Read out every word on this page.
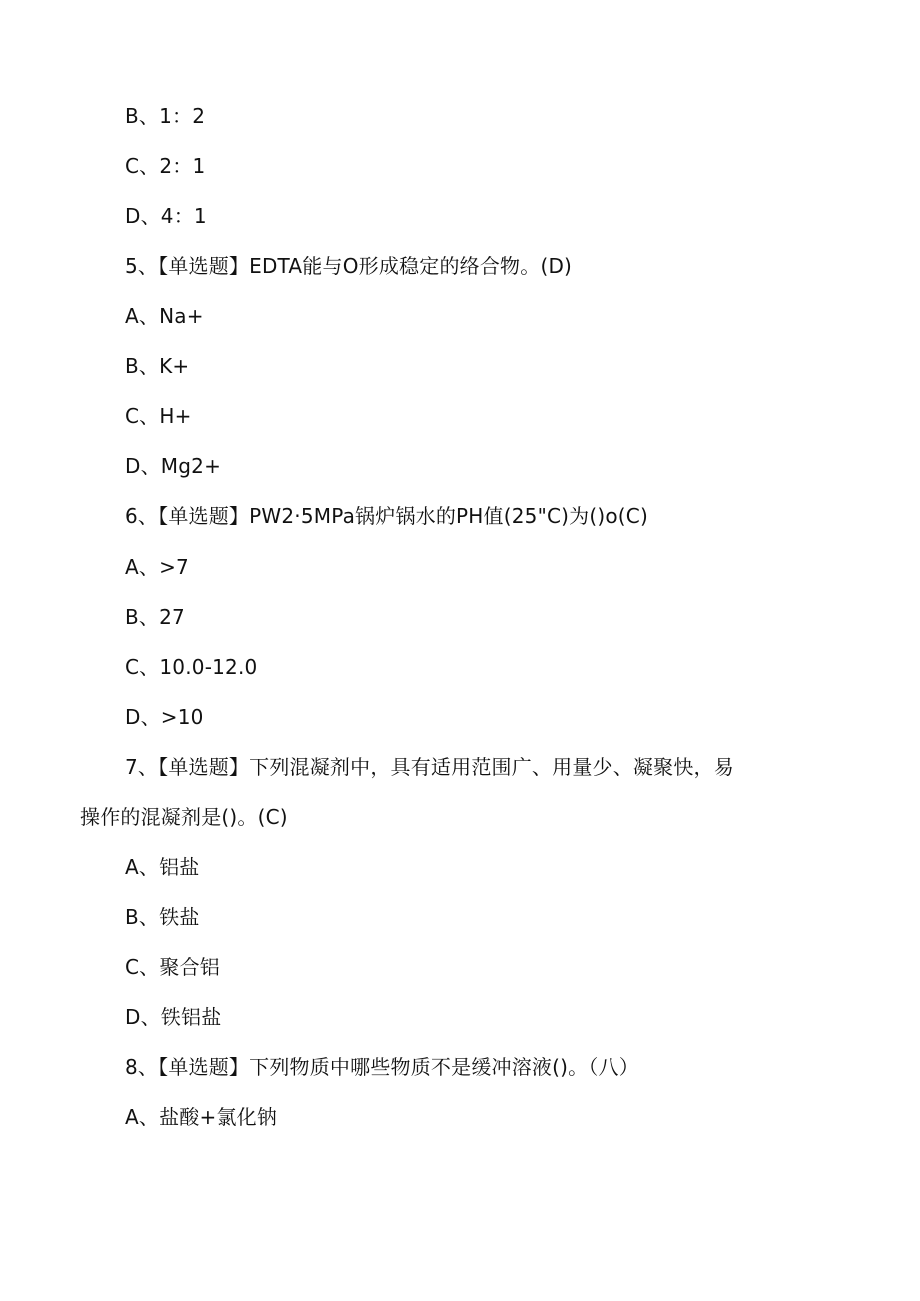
B、1：2
C、2：1
D、4：1
5、【单选题】EDTA能与O形成稳定的络合物。(D)
A、Na+
B、K+
C、H+
D、Mg2+
6、【单选题】PW2·5MPa锅炉锅水的PH值(25"C)为()o(C)
A、>7
B、27
C、10.0-12.0
D、>10
7、【单选题】下列混凝剂中，具有适用范围广、用量少、凝聚快，易
操作的混凝剂是()。(C)
A、铝盐
B、铁盐
C、聚合铝
D、铁铝盐
8、【单选题】下列物质中哪些物质不是缓冲溶液()。（八）
A、盐酸+氯化钠
